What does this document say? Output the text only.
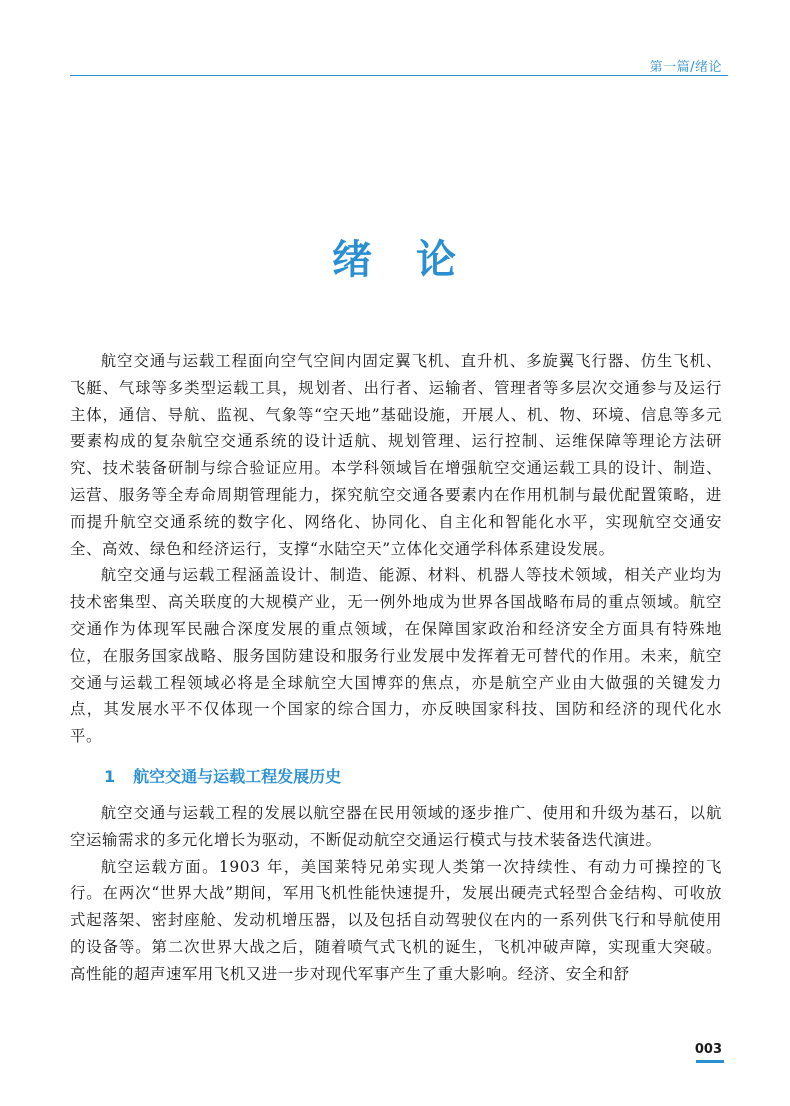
第一篇/绪论
绪　论

航空交通与运载工程面向空气空间内固定翼飞机、直升机、多旋翼飞行器、仿生飞机、飞艇、气球等多类型运载工具，规划者、出行者、运输者、管理者等多层次交通参与及运行主体，通信、导航、监视、气象等“空天地”基础设施，开展人、机、物、环境、信息等多元要素构成的复杂航空交通系统的设计适航、规划管理、运行控制、运维保障等理论方法研究、技术装备研制与综合验证应用。本学科领域旨在增强航空交通运载工具的设计、制造、运营、服务等全寿命周期管理能力，探究航空交通各要素内在作用机制与最优配置策略，进而提升航空交通系统的数字化、网络化、协同化、自主化和智能化水平，实现航空交通安全、高效、绿色和经济运行，支撑“水陆空天”立体化交通学科体系建设发展。

航空交通与运载工程涵盖设计、制造、能源、材料、机器人等技术领域，相关产业均为技术密集型、高关联度的大规模产业，无一例外地成为世界各国战略布局的重点领域。航空交通作为体现军民融合深度发展的重点领域，在保障国家政治和经济安全方面具有特殊地位，在服务国家战略、服务国防建设和服务行业发展中发挥着无可替代的作用。未来，航空交通与运载工程领域必将是全球航空大国博弈的焦点，亦是航空产业由大做强的关键发力点，其发展水平不仅体现一个国家的综合国力，亦反映国家科技、国防和经济的现代化水平。

1 航空交通与运载工程发展历史

航空交通与运载工程的发展以航空器在民用领域的逐步推广、使用和升级为基石，以航空运输需求的多元化增长为驱动，不断促动航空交通运行模式与技术装备迭代演进。

航空运载方面。1903 年，美国莱特兄弟实现人类第一次持续性、有动力可操控的飞行。在两次“世界大战”期间，军用飞机性能快速提升，发展出硬壳式轻型合金结构、可收放式起落架、密封座舱、发动机增压器，以及包括自动驾驶仪在内的一系列供飞行和导航使用的设备等。第二次世界大战之后，随着喷气式飞机的诞生，飞机冲破声障，实现重大突破。高性能的超声速军用飞机又进一步对现代军事产生了重大影响。经济、安全和舒

003
